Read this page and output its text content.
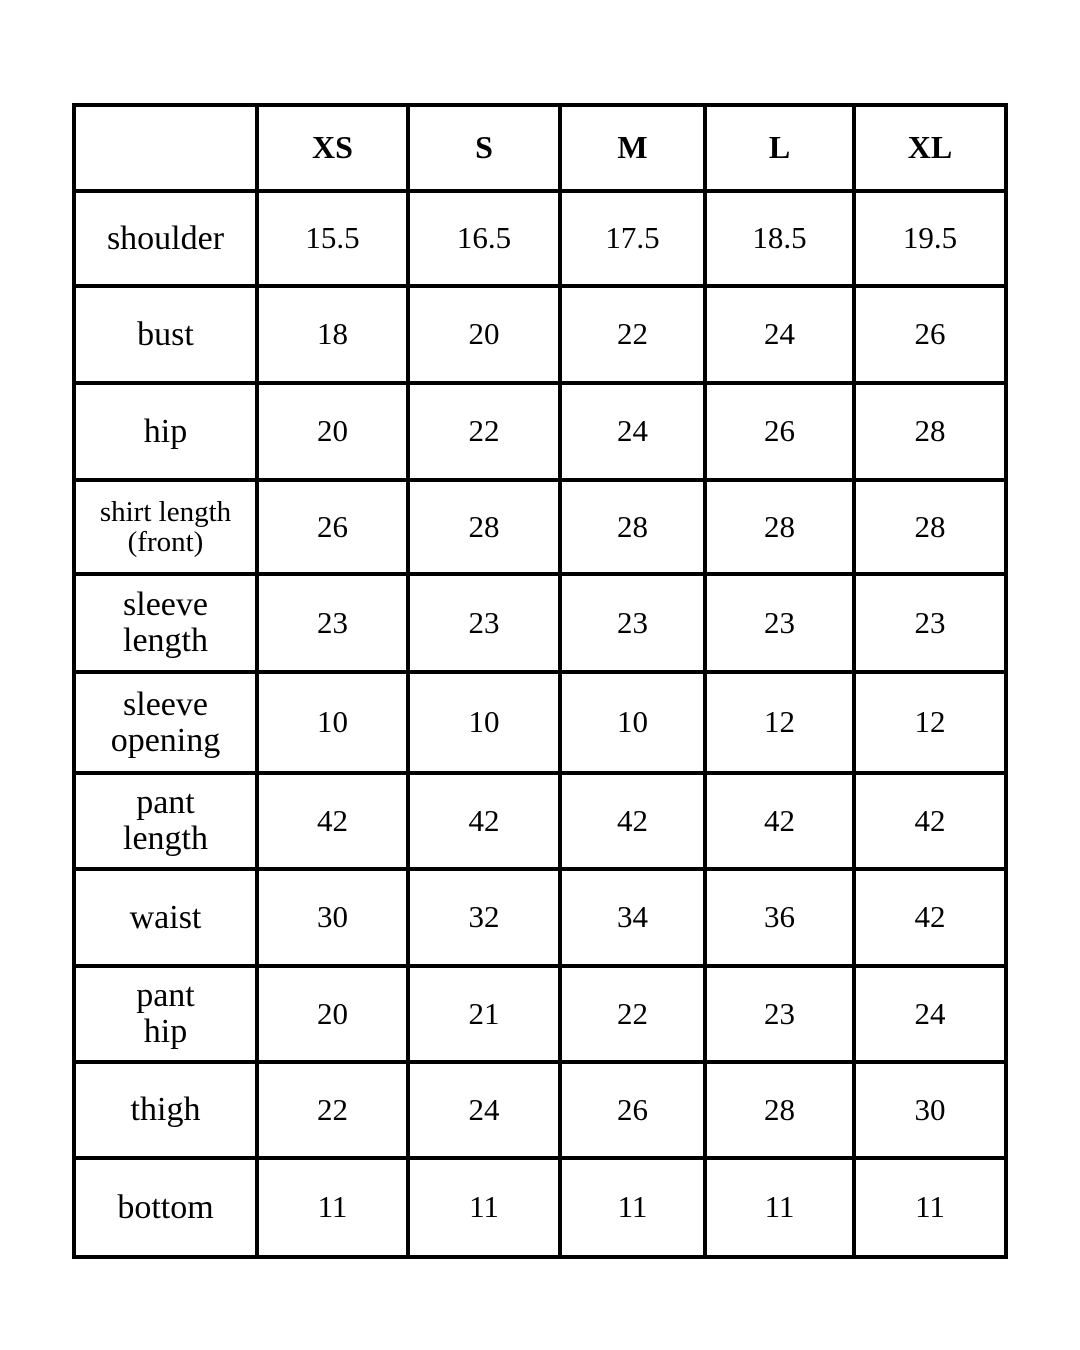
	XS	S	M	L	XL
shoulder	15.5	16.5	17.5	18.5	19.5
bust	18	20	22	24	26
hip	20	22	24	26	28
shirt length
(front)	26	28	28	28	28
sleeve
length	23	23	23	23	23
sleeve
opening	10	10	10	12	12
pant
length	42	42	42	42	42
waist	30	32	34	36	42
pant
hip	20	21	22	23	24
thigh	22	24	26	28	30
bottom	11	11	11	11	11
